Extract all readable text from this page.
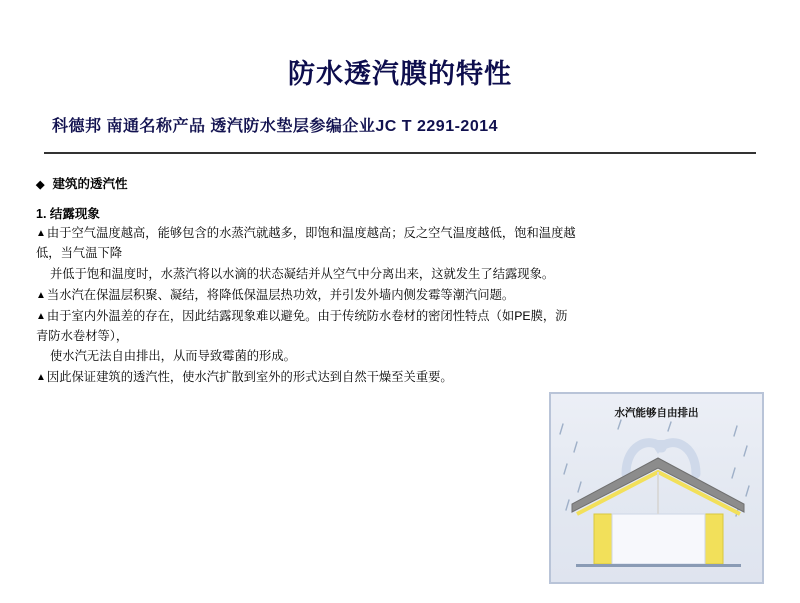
防水透汽膜的特性
科德邦 南通名称产品 透汽防水垫层参编企业JC T 2291-2014
◆ 建筑的透汽性
1. 结露现象

▲由于空气温度越高，能够包含的水蒸汽就越多，即饱和温度越高；反之空气温度越低，饱和温度越低，当气温下降

并低于饱和温度时，水蒸汽将以水滴的状态凝结并从空气中分离出来，这就发生了结露现象。

▲当水汽在保温层积聚、凝结，将降低保温层热功效，并引发外墙内侧发霉等潮汽问题。

▲由于室内外温差的存在，因此结露现象难以避免。由于传统防水卷材的密闭性特点（如PE膜，沥青防水卷材等），

使水汽无法自由排出，从而导致霉菌的形成。

▲因此保证建筑的透汽性，使水汽扩散到室外的形式达到自然干燥至关重要。

水汽能够自由排出
